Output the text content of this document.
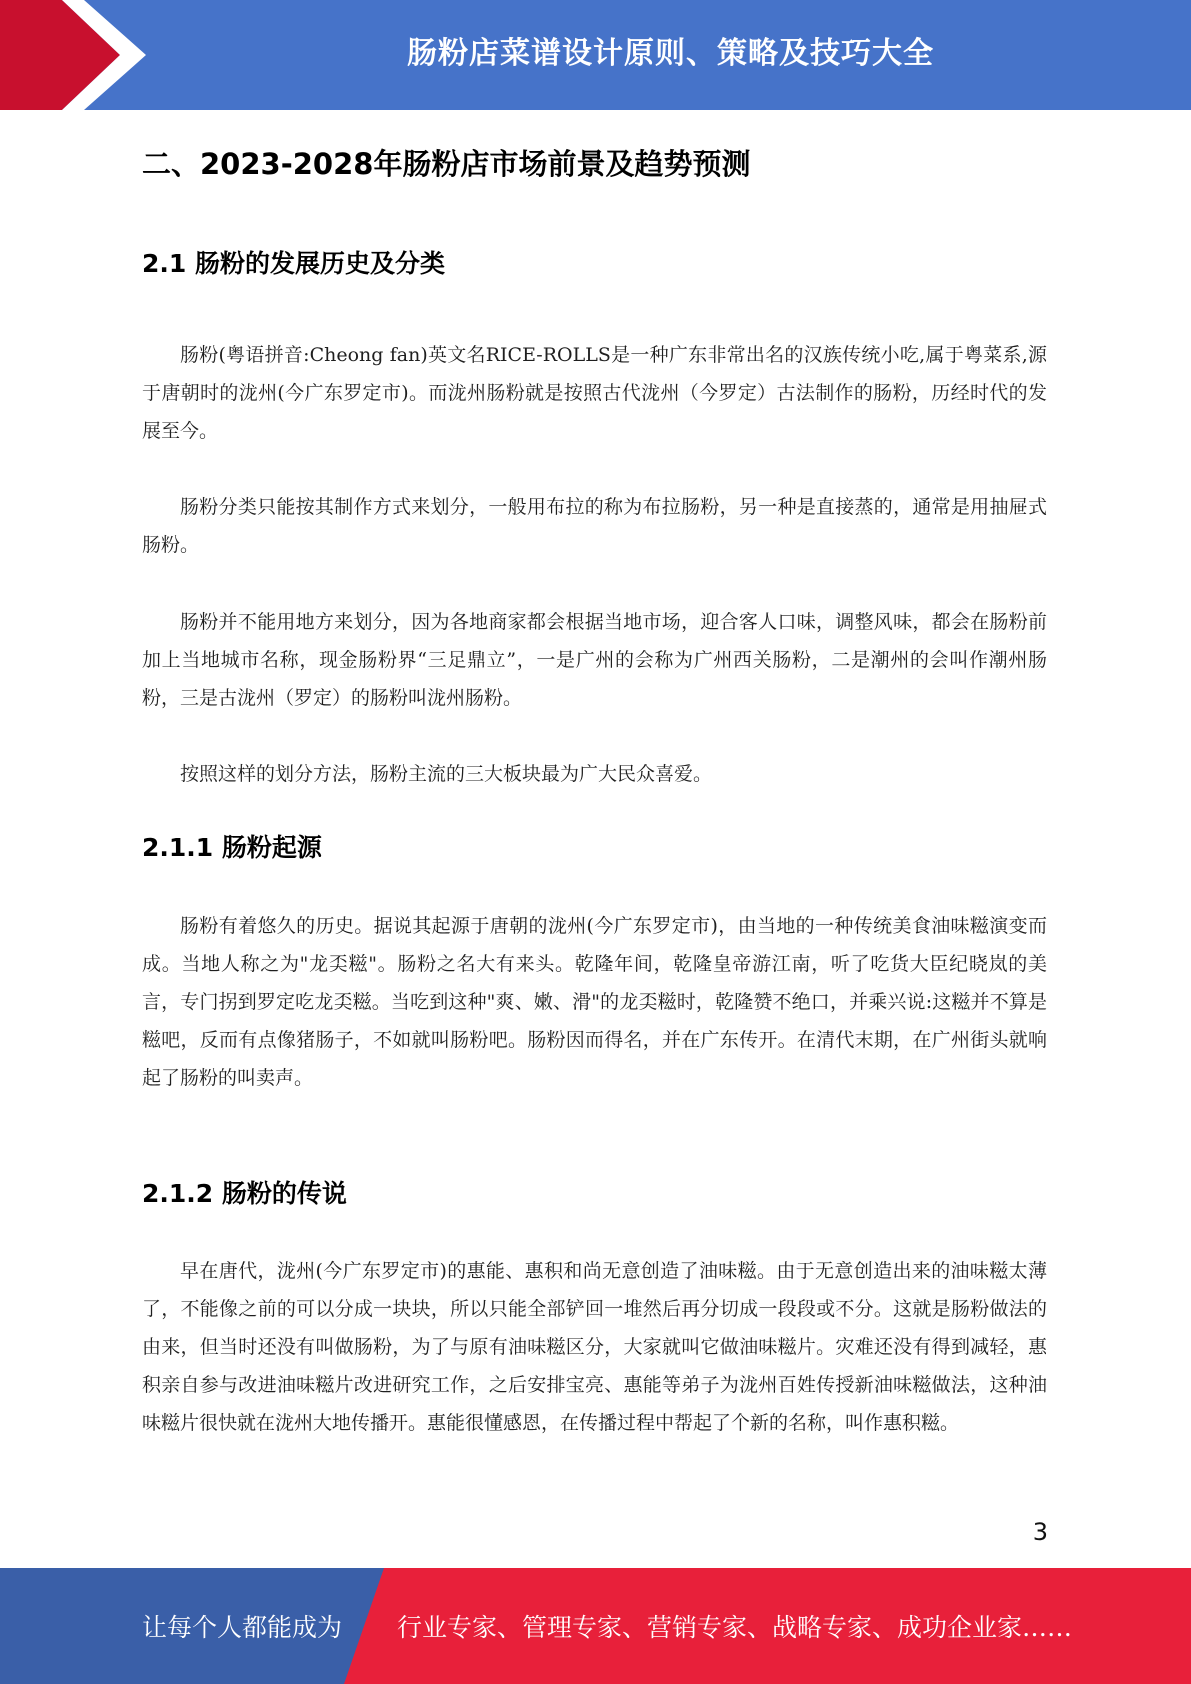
肠粉店菜谱设计原则、策略及技巧大全
二、2023-2028年肠粉店市场前景及趋势预测
2.1 肠粉的发展历史及分类

肠粉(粤语拼音:Cheong fan)英文名RICE-ROLLS是一种广东非常出名的汉族传统小吃,属于粤菜系,源于唐朝时的泷州(今广东罗定市)。而泷州肠粉就是按照古代泷州（今罗定）古法制作的肠粉，历经时代的发展至今。

肠粉分类只能按其制作方式来划分，一般用布拉的称为布拉肠粉，另一种是直接蒸的，通常是用抽屉式肠粉。

肠粉并不能用地方来划分，因为各地商家都会根据当地市场，迎合客人口味，调整风味，都会在肠粉前加上当地城市名称，现金肠粉界“三足鼎立”，一是广州的会称为广州西关肠粉，二是潮州的会叫作潮州肠粉，三是古泷州（罗定）的肠粉叫泷州肠粉。

按照这样的划分方法，肠粉主流的三大板块最为广大民众喜爱。

2.1.1 肠粉起源

肠粉有着悠久的历史。据说其起源于唐朝的泷州(今广东罗定市)，由当地的一种传统美食油味糍演变而成。当地人称之为"龙奀糍"。肠粉之名大有来头。乾隆年间，乾隆皇帝游江南，听了吃货大臣纪晓岚的美言，专门拐到罗定吃龙奀糍。当吃到这种"爽、嫩、滑"的龙奀糍时，乾隆赞不绝口，并乘兴说:这糍并不算是糍吧，反而有点像猪肠子，不如就叫肠粉吧。肠粉因而得名，并在广东传开。在清代末期，在广州街头就响起了肠粉的叫卖声。

2.1.2 肠粉的传说

早在唐代，泷州(今广东罗定市)的惠能、惠积和尚无意创造了油味糍。由于无意创造出来的油味糍太薄了，不能像之前的可以分成一块块，所以只能全部铲回一堆然后再分切成一段段或不分。这就是肠粉做法的由来，但当时还没有叫做肠粉，为了与原有油味糍区分，大家就叫它做油味糍片。灾难还没有得到减轻，惠积亲自参与改进油味糍片改进研究工作，之后安排宝亮、惠能等弟子为泷州百姓传授新油味糍做法，这种油味糍片很快就在泷州大地传播开。惠能很懂感恩，在传播过程中帮起了个新的名称，叫作惠积糍。

3
让每个人都能成为 行业专家、管理专家、营销专家、战略专家、成功企业家……
